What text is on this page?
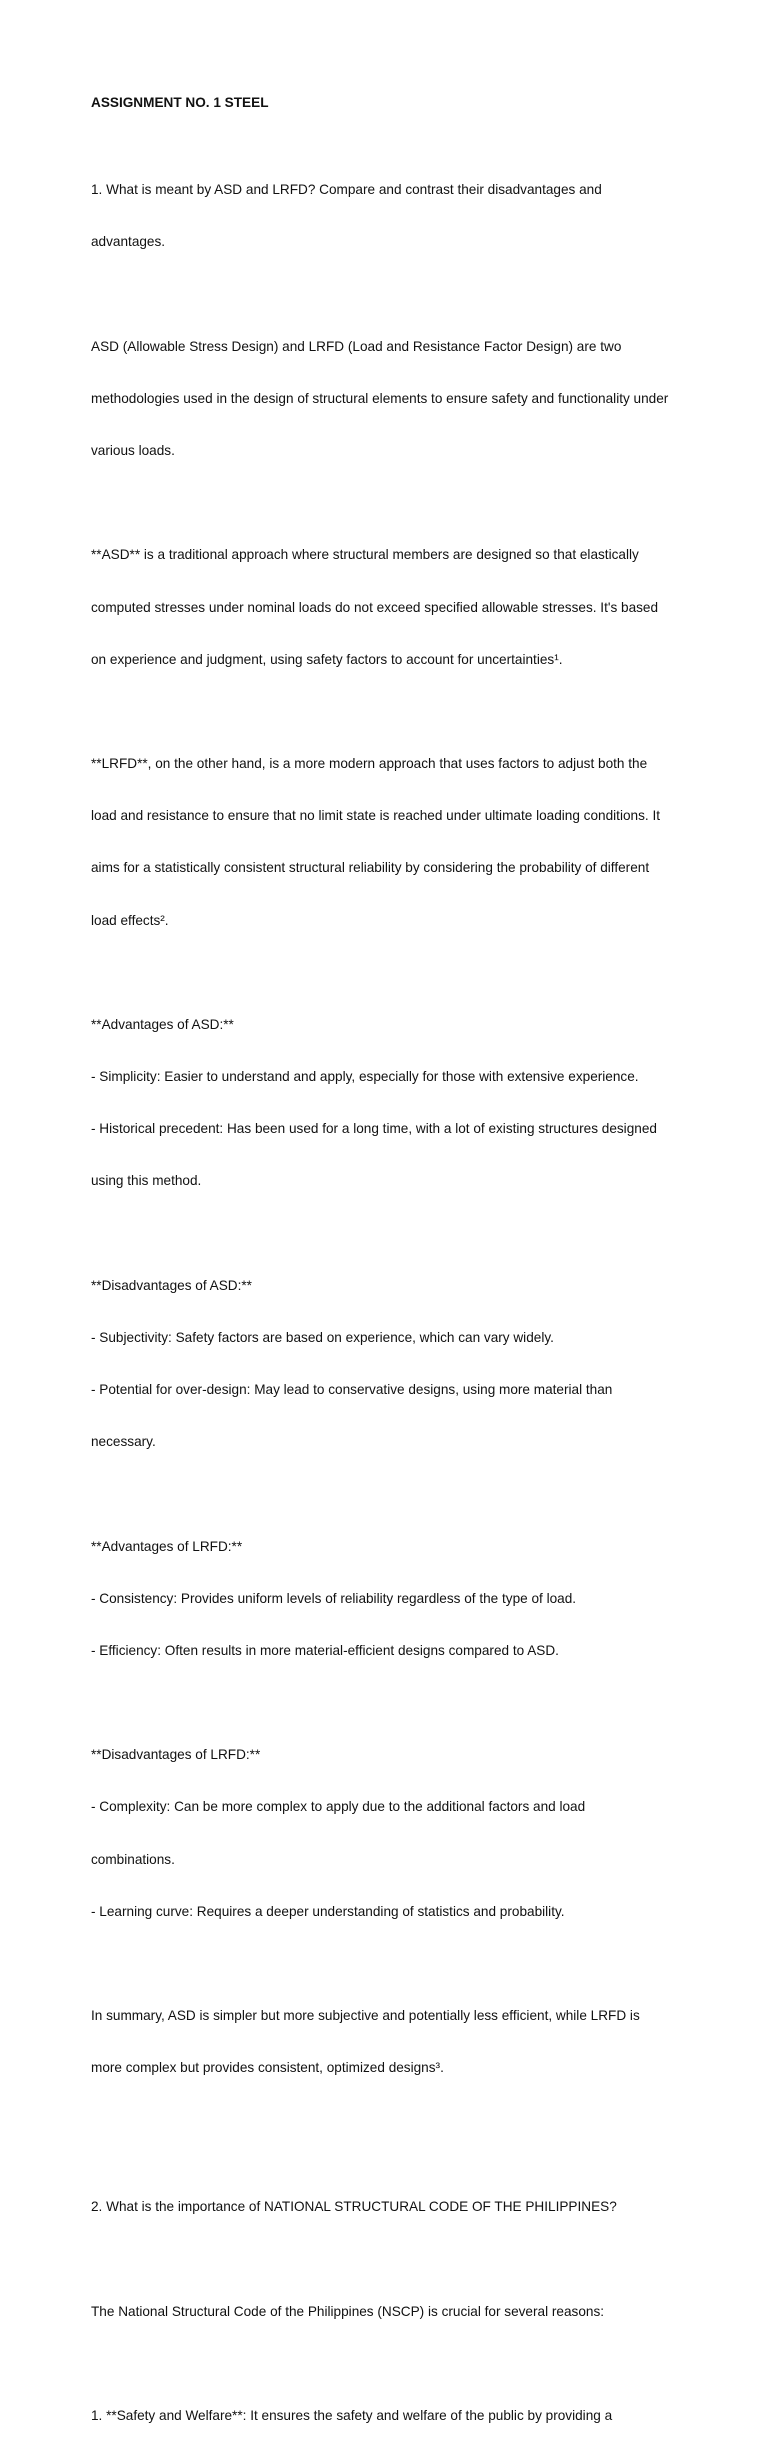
ASSIGNMENT NO. 1 STEEL

1. What is meant by ASD and LRFD? Compare and contrast their disadvantages and

advantages.

ASD (Allowable Stress Design) and LRFD (Load and Resistance Factor Design) are two

methodologies used in the design of structural elements to ensure safety and functionality under

various loads.

**ASD** is a traditional approach where structural members are designed so that elastically

computed stresses under nominal loads do not exceed specified allowable stresses. It's based

on experience and judgment, using safety factors to account for uncertainties¹.

**LRFD**, on the other hand, is a more modern approach that uses factors to adjust both the

load and resistance to ensure that no limit state is reached under ultimate loading conditions. It

aims for a statistically consistent structural reliability by considering the probability of different

load effects².

**Advantages of ASD:**

- Simplicity: Easier to understand and apply, especially for those with extensive experience.

- Historical precedent: Has been used for a long time, with a lot of existing structures designed

using this method.

**Disadvantages of ASD:**

- Subjectivity: Safety factors are based on experience, which can vary widely.

- Potential for over-design: May lead to conservative designs, using more material than

necessary.

**Advantages of LRFD:**

- Consistency: Provides uniform levels of reliability regardless of the type of load.

- Efficiency: Often results in more material-efficient designs compared to ASD.

**Disadvantages of LRFD:**

- Complexity: Can be more complex to apply due to the additional factors and load

combinations.

- Learning curve: Requires a deeper understanding of statistics and probability.

In summary, ASD is simpler but more subjective and potentially less efficient, while LRFD is

more complex but provides consistent, optimized designs³.

2. What is the importance of NATIONAL STRUCTURAL CODE OF THE PHILIPPINES?

The National Structural Code of the Philippines (NSCP) is crucial for several reasons:

1. **Safety and Welfare**: It ensures the safety and welfare of the public by providing a
